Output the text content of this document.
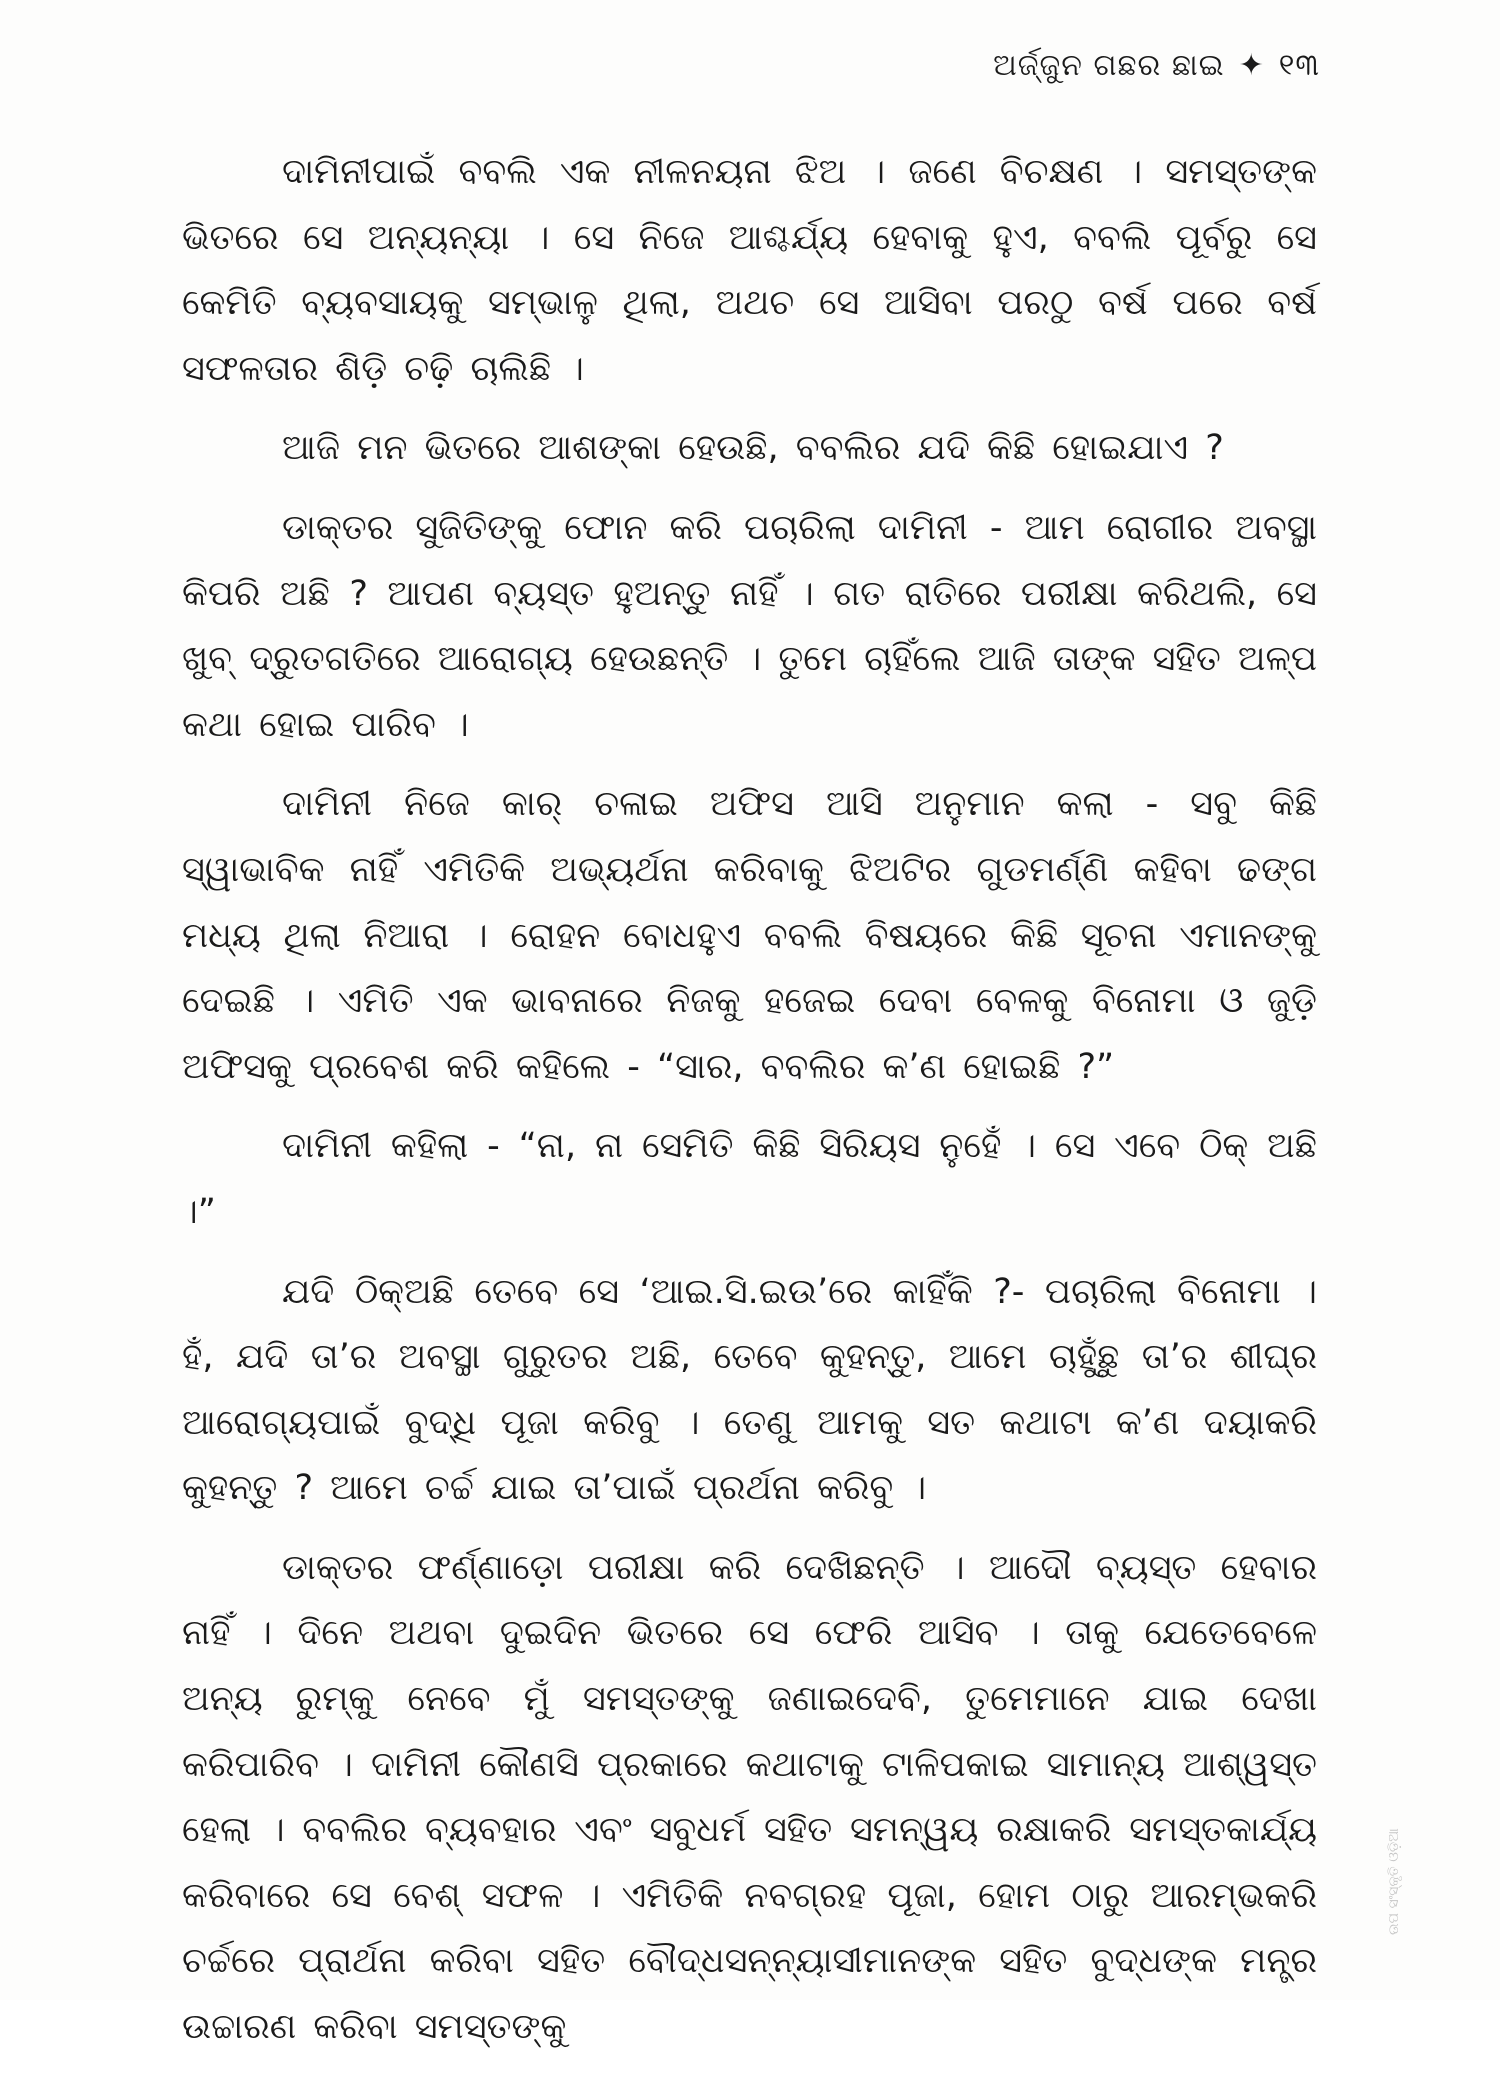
ଅର୍ଜ୍ଜୁନ ଗଛର ଛାଇ ✦ ୧୩

ଦାମିନୀପାଇଁ ବବଲି ଏକ ନୀଳନୟନା ଝିଅ । ଜଣେ ବିଚକ୍ଷଣ । ସମସ୍ତଙ୍କ ଭିତରେ ସେ ଅନ୍ୟନ୍ୟା । ସେ ନିଜେ ଆଶ୍ଚର୍ଯ୍ୟ ହେବାକୁ ହୁଏ, ବବଲି ପୂର୍ବରୁ ସେ କେମିତି ବ୍ୟବସାୟକୁ ସମ୍ଭାଳୁ ଥିଲା, ଅଥଚ ସେ ଆସିବା ପରଠୁ ବର୍ଷ ପରେ ବର୍ଷ ସଫଳତାର ଶିଡ଼ି ଚଢ଼ି ଚାଲିଛି ।

ଆଜି ମନ ଭିତରେ ଆଶଙ୍କା ହେଉଛି, ବବଲିର ଯଦି କିଛି ହୋଇଯାଏ ?

ଡାକ୍ତର ସୁଜିତିଙ୍କୁ ଫୋନ କରି ପଚାରିଲା ଦାମିନୀ - ଆମ ରୋଗୀର ଅବସ୍ଥା କିପରି ଅଛି ? ଆପଣ ବ୍ୟସ୍ତ ହୁଅନ୍ତୁ ନାହିଁ । ଗତ ରାତିରେ ପରୀକ୍ଷା କରିଥଲି, ସେ ଖୁବ୍ ଦ୍ରୁତଗତିରେ ଆରୋଗ୍ୟ ହେଉଛନ୍ତି । ତୁମେ ଚାହିଁଲେ ଆଜି ତାଙ୍କ ସହିତ ଅଳ୍ପ କଥା ହୋଇ ପାରିବ ।

ଦାମିନୀ ନିଜେ କାର୍ ଚଳାଇ ଅଫିସ ଆସି ଅନୁମାନ କଲା - ସବୁ କିଛି ସ୍ୱାଭାବିକ ନାହିଁ ଏମିତିକି ଅଭ୍ୟର୍ଥନା କରିବାକୁ ଝିଅଟିର ଗୁଡମର୍ଣ୍ଣି କହିବା ଢଙ୍ଗ ମଧ୍ୟ ଥିଲା ନିଆରା । ରୋହନ ବୋଧହୁଏ ବବଲି ବିଷୟରେ କିଛି ସୂଚନା ଏମାନଙ୍କୁ ଦେଇଛି । ଏମିତି ଏକ ଭାବନାରେ ନିଜକୁ ହଜେଇ ଦେବା ବେଳକୁ ବିନୋମା ଓ ଜୁଡ଼ି ଅଫିସକୁ ପ୍ରବେଶ କରି କହିଲେ - “ସାର, ବବଲିର କ’ଣ ହୋଇଛି ?”

ଦାମିନୀ କହିଲା - “ନା, ନା ସେମିତି କିଛି ସିରିୟସ ନୁହେଁ । ସେ ଏବେ ଠିକ୍ ଅଛି ।”

ଯଦି ଠିକ୍‌ଅଛି ତେବେ ସେ ‘ଆଇ.ସି.ଇଉ’ରେ କାହିଁକି ?- ପଚାରିଲା ବିନୋମା । ହଁ, ଯଦି ତା’ର ଅବସ୍ଥା ଗୁରୁତର ଅଛି, ତେବେ କୁହନ୍ତୁ, ଆମେ ଚାହୁଁଛୁ ତା’ର ଶୀଘ୍ର ଆରୋଗ୍ୟପାଇଁ ବୁଦ୍ଧି ପୂଜା କରିବୁ । ତେଣୁ ଆମକୁ ସତ କଥାଟା କ’ଣ ଦୟାକରି କୁହନ୍ତୁ ? ଆମେ ଚର୍ଚ୍ଚ ଯାଇ ତା’ପାଇଁ ପ୍ରର୍ଥନା କରିବୁ ।

ଡାକ୍ତର ଫର୍ଣ୍ଣାଡ଼ୋ ପରୀକ୍ଷା କରି ଦେଖିଛନ୍ତି । ଆଦୌ ବ୍ୟସ୍ତ ହେବାର ନାହିଁ । ଦିନେ ଅଥବା ଦୁଇଦିନ ଭିତରେ ସେ ଫେରି ଆସିବ । ତାକୁ ଯେତେବେଳେ ଅନ୍ୟ ରୁମ୍‌କୁ ନେବେ ମୁଁ ସମସ୍ତଙ୍କୁ ଜଣାଇଦେବି, ତୁମେମାନେ ଯାଇ ଦେଖା କରିପାରିବ । ଦାମିନୀ କୌଣସି ପ୍ରକାରେ କଥାଟାକୁ ଟାଳିପକାଇ ସାମାନ୍ୟ ଆଶ୍ୱସ୍ତ ହେଲା । ବବଲିର ବ୍ୟବହାର ଏବଂ ସବୁଧର୍ମ ସହିତ ସମନ୍ୱୟ ରକ୍ଷାକରି ସମସ୍ତକାର୍ଯ୍ୟ କରିବାରେ ସେ ବେଶ୍ ସଫଳ । ଏମିତିକି ନବଗ୍ରହ ପୂଜା, ହୋମ ଠାରୁ ଆରମ୍ଭକରି ଚର୍ଚ୍ଚରେ ପ୍ରାର୍ଥନା କରିବା ସହିତ ବୌଦ୍ଧସନ୍ନ୍ୟାସୀମାନଙ୍କ ସହିତ ବୁଦ୍ଧଙ୍କ ମନ୍ତ୍ର ଉଚ୍ଚାରଣ କରିବା ସମସ୍ତଙ୍କୁ

ଉପ ସଂସ୍କୃତି ଓଡ଼ିଆ
